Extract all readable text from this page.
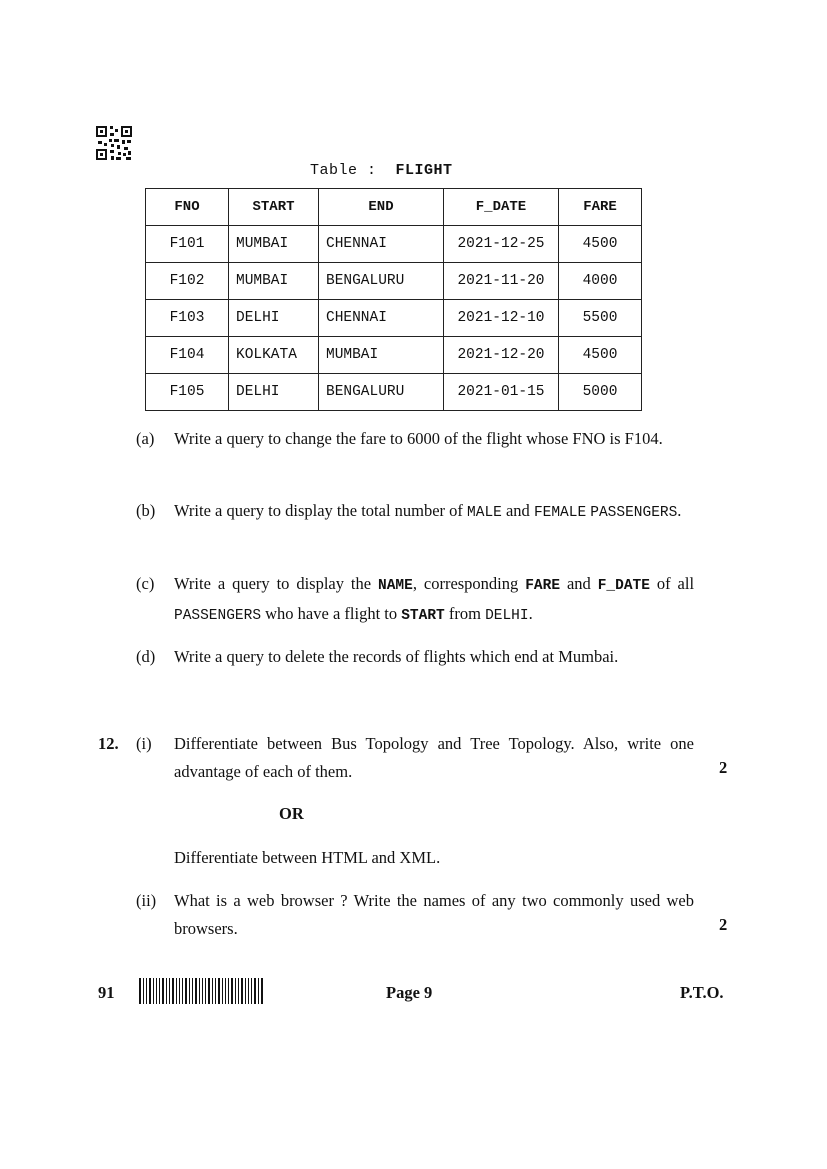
Table : FLIGHT
FNO	START	END	F_DATE	FARE
F101	MUMBAI	CHENNAI	2021-12-25	4500
F102	MUMBAI	BENGALURU	2021-11-20	4000
F103	DELHI	CHENNAI	2021-12-10	5500
F104	KOLKATA	MUMBAI	2021-12-20	4500
F105	DELHI	BENGALURU	2021-01-15	5000
(a) Write a query to change the fare to 6000 of the flight whose FNO is F104.
(b) Write a query to display the total number of MALE and FEMALE PASSENGERS.
(c) Write a query to display the NAME, corresponding FARE and F_DATE of all PASSENGERS who have a flight to START from DELHI.
(d) Write a query to delete the records of flights which end at Mumbai.
12. (i) Differentiate between Bus Topology and Tree Topology. Also, write one advantage of each of them.	2
OR
Differentiate between HTML and XML.
(ii) What is a web browser ? Write the names of any two commonly used web browsers.	2
91	Page 9	P.T.O.
